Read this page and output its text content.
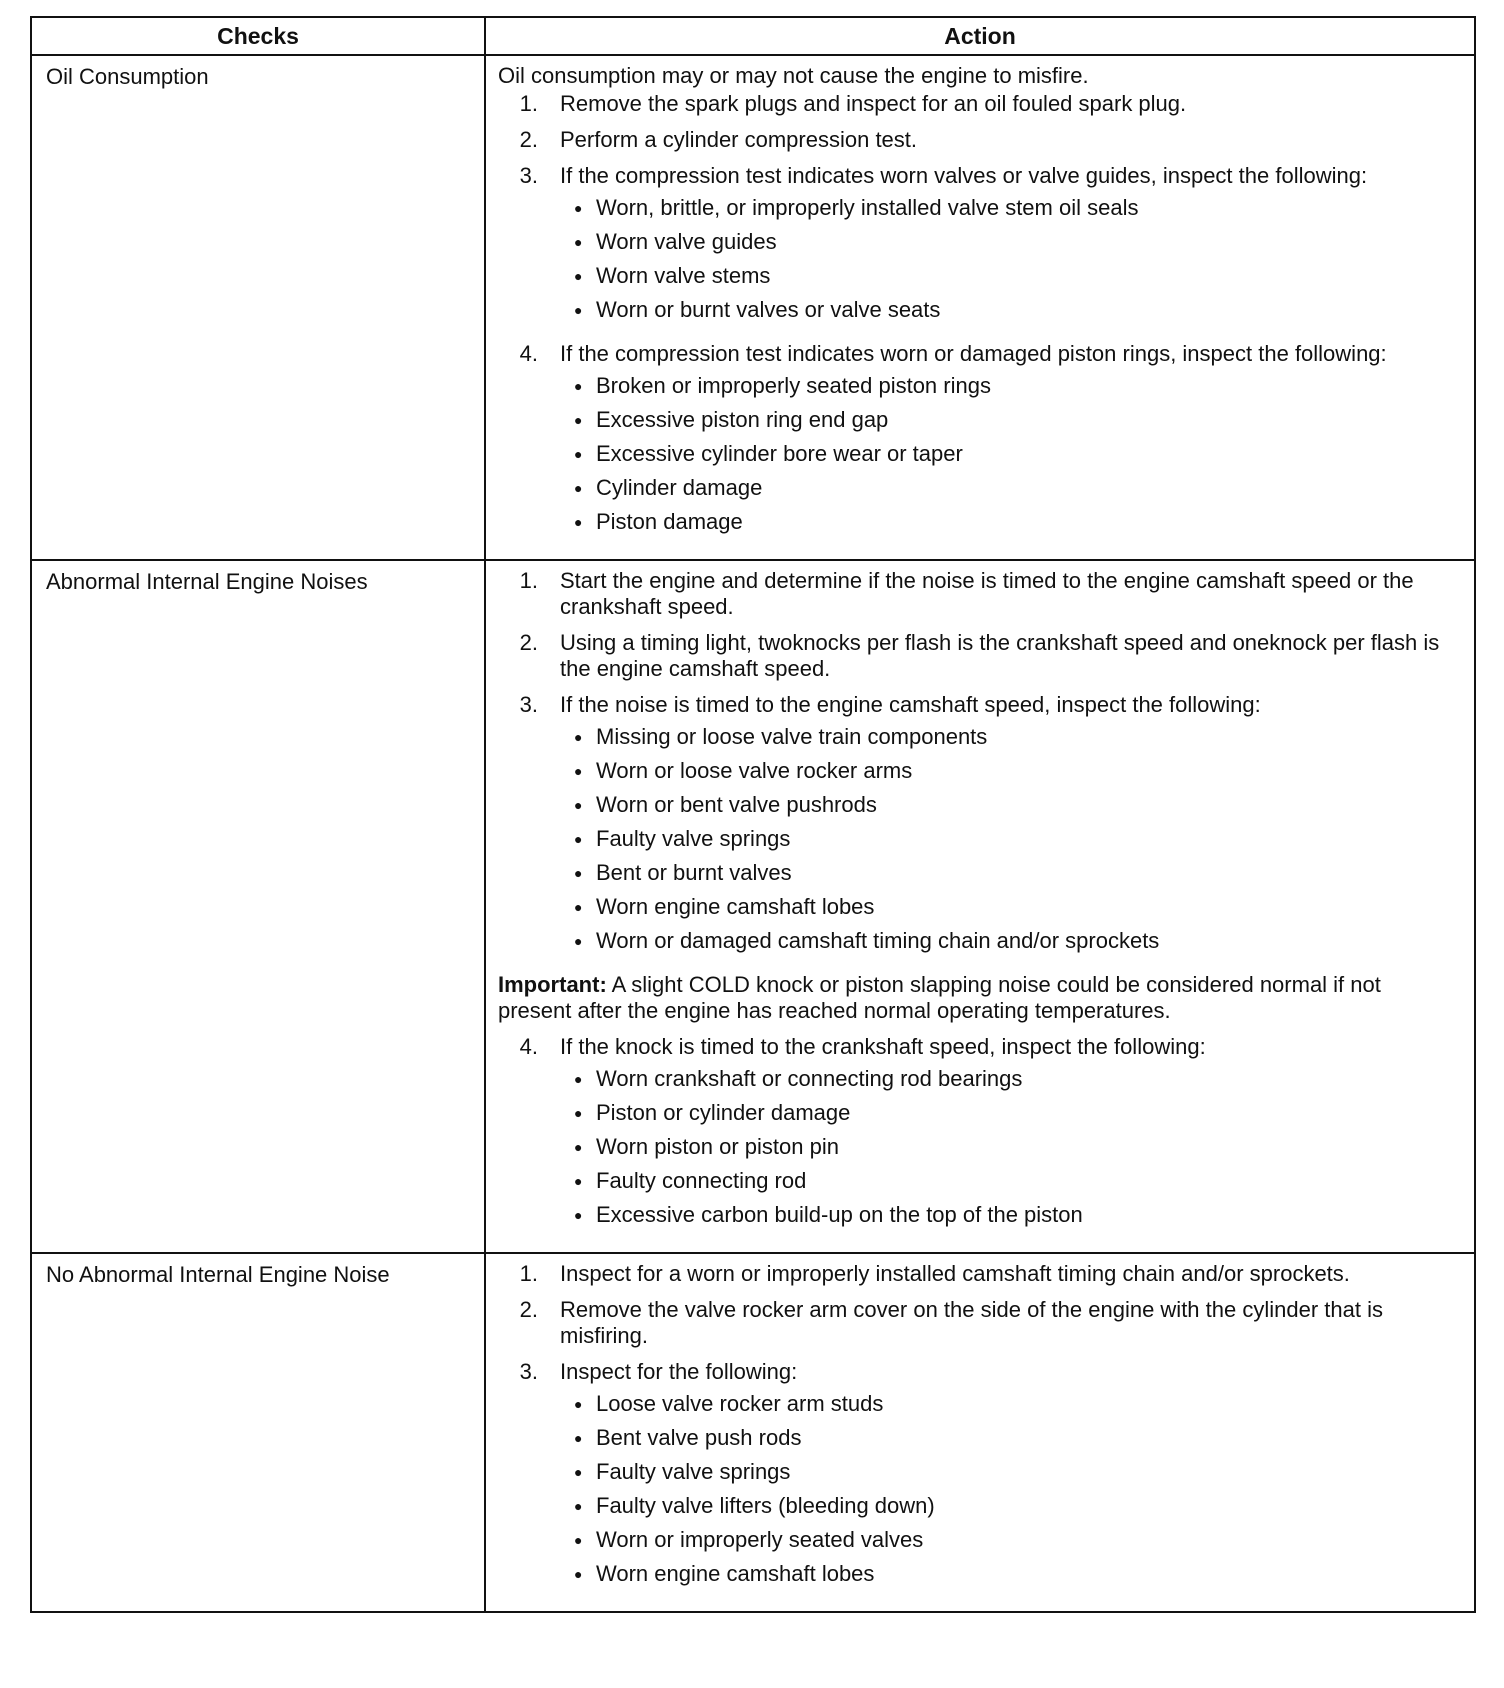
Checks	Action
Oil Consumption	Oil consumption may or may not cause the engine to misfire.
1.	Remove the spark plugs and inspect for an oil fouled spark plug.
2.	Perform a cylinder compression test.
3.	If the compression test indicates worn valves or valve guides, inspect the following:
● Worn, brittle, or improperly installed valve stem oil seals
● Worn valve guides
● Worn valve stems
● Worn or burnt valves or valve seats
4.	If the compression test indicates worn or damaged piston rings, inspect the following:
● Broken or improperly seated piston rings
● Excessive piston ring end gap
● Excessive cylinder bore wear or taper
● Cylinder damage
● Piston damage
Abnormal Internal Engine Noises	1.	Start the engine and determine if the noise is timed to the engine camshaft speed or the crankshaft speed.
2.	Using a timing light, twoknocks per flash is the crankshaft speed and oneknock per flash is the engine camshaft speed.
3.	If the noise is timed to the engine camshaft speed, inspect the following:
● Missing or loose valve train components
● Worn or loose valve rocker arms
● Worn or bent valve pushrods
● Faulty valve springs
● Bent or burnt valves
● Worn engine camshaft lobes
● Worn or damaged camshaft timing chain and/or sprockets
Important: A slight COLD knock or piston slapping noise could be considered normal if not present after the engine has reached normal operating temperatures.
4.	If the knock is timed to the crankshaft speed, inspect the following:
● Worn crankshaft or connecting rod bearings
● Piston or cylinder damage
● Worn piston or piston pin
● Faulty connecting rod
● Excessive carbon build-up on the top of the piston
No Abnormal Internal Engine Noise	1.	Inspect for a worn or improperly installed camshaft timing chain and/or sprockets.
2.	Remove the valve rocker arm cover on the side of the engine with the cylinder that is misfiring.
3.	Inspect for the following:
● Loose valve rocker arm studs
● Bent valve push rods
● Faulty valve springs
● Faulty valve lifters (bleeding down)
● Worn or improperly seated valves
● Worn engine camshaft lobes
